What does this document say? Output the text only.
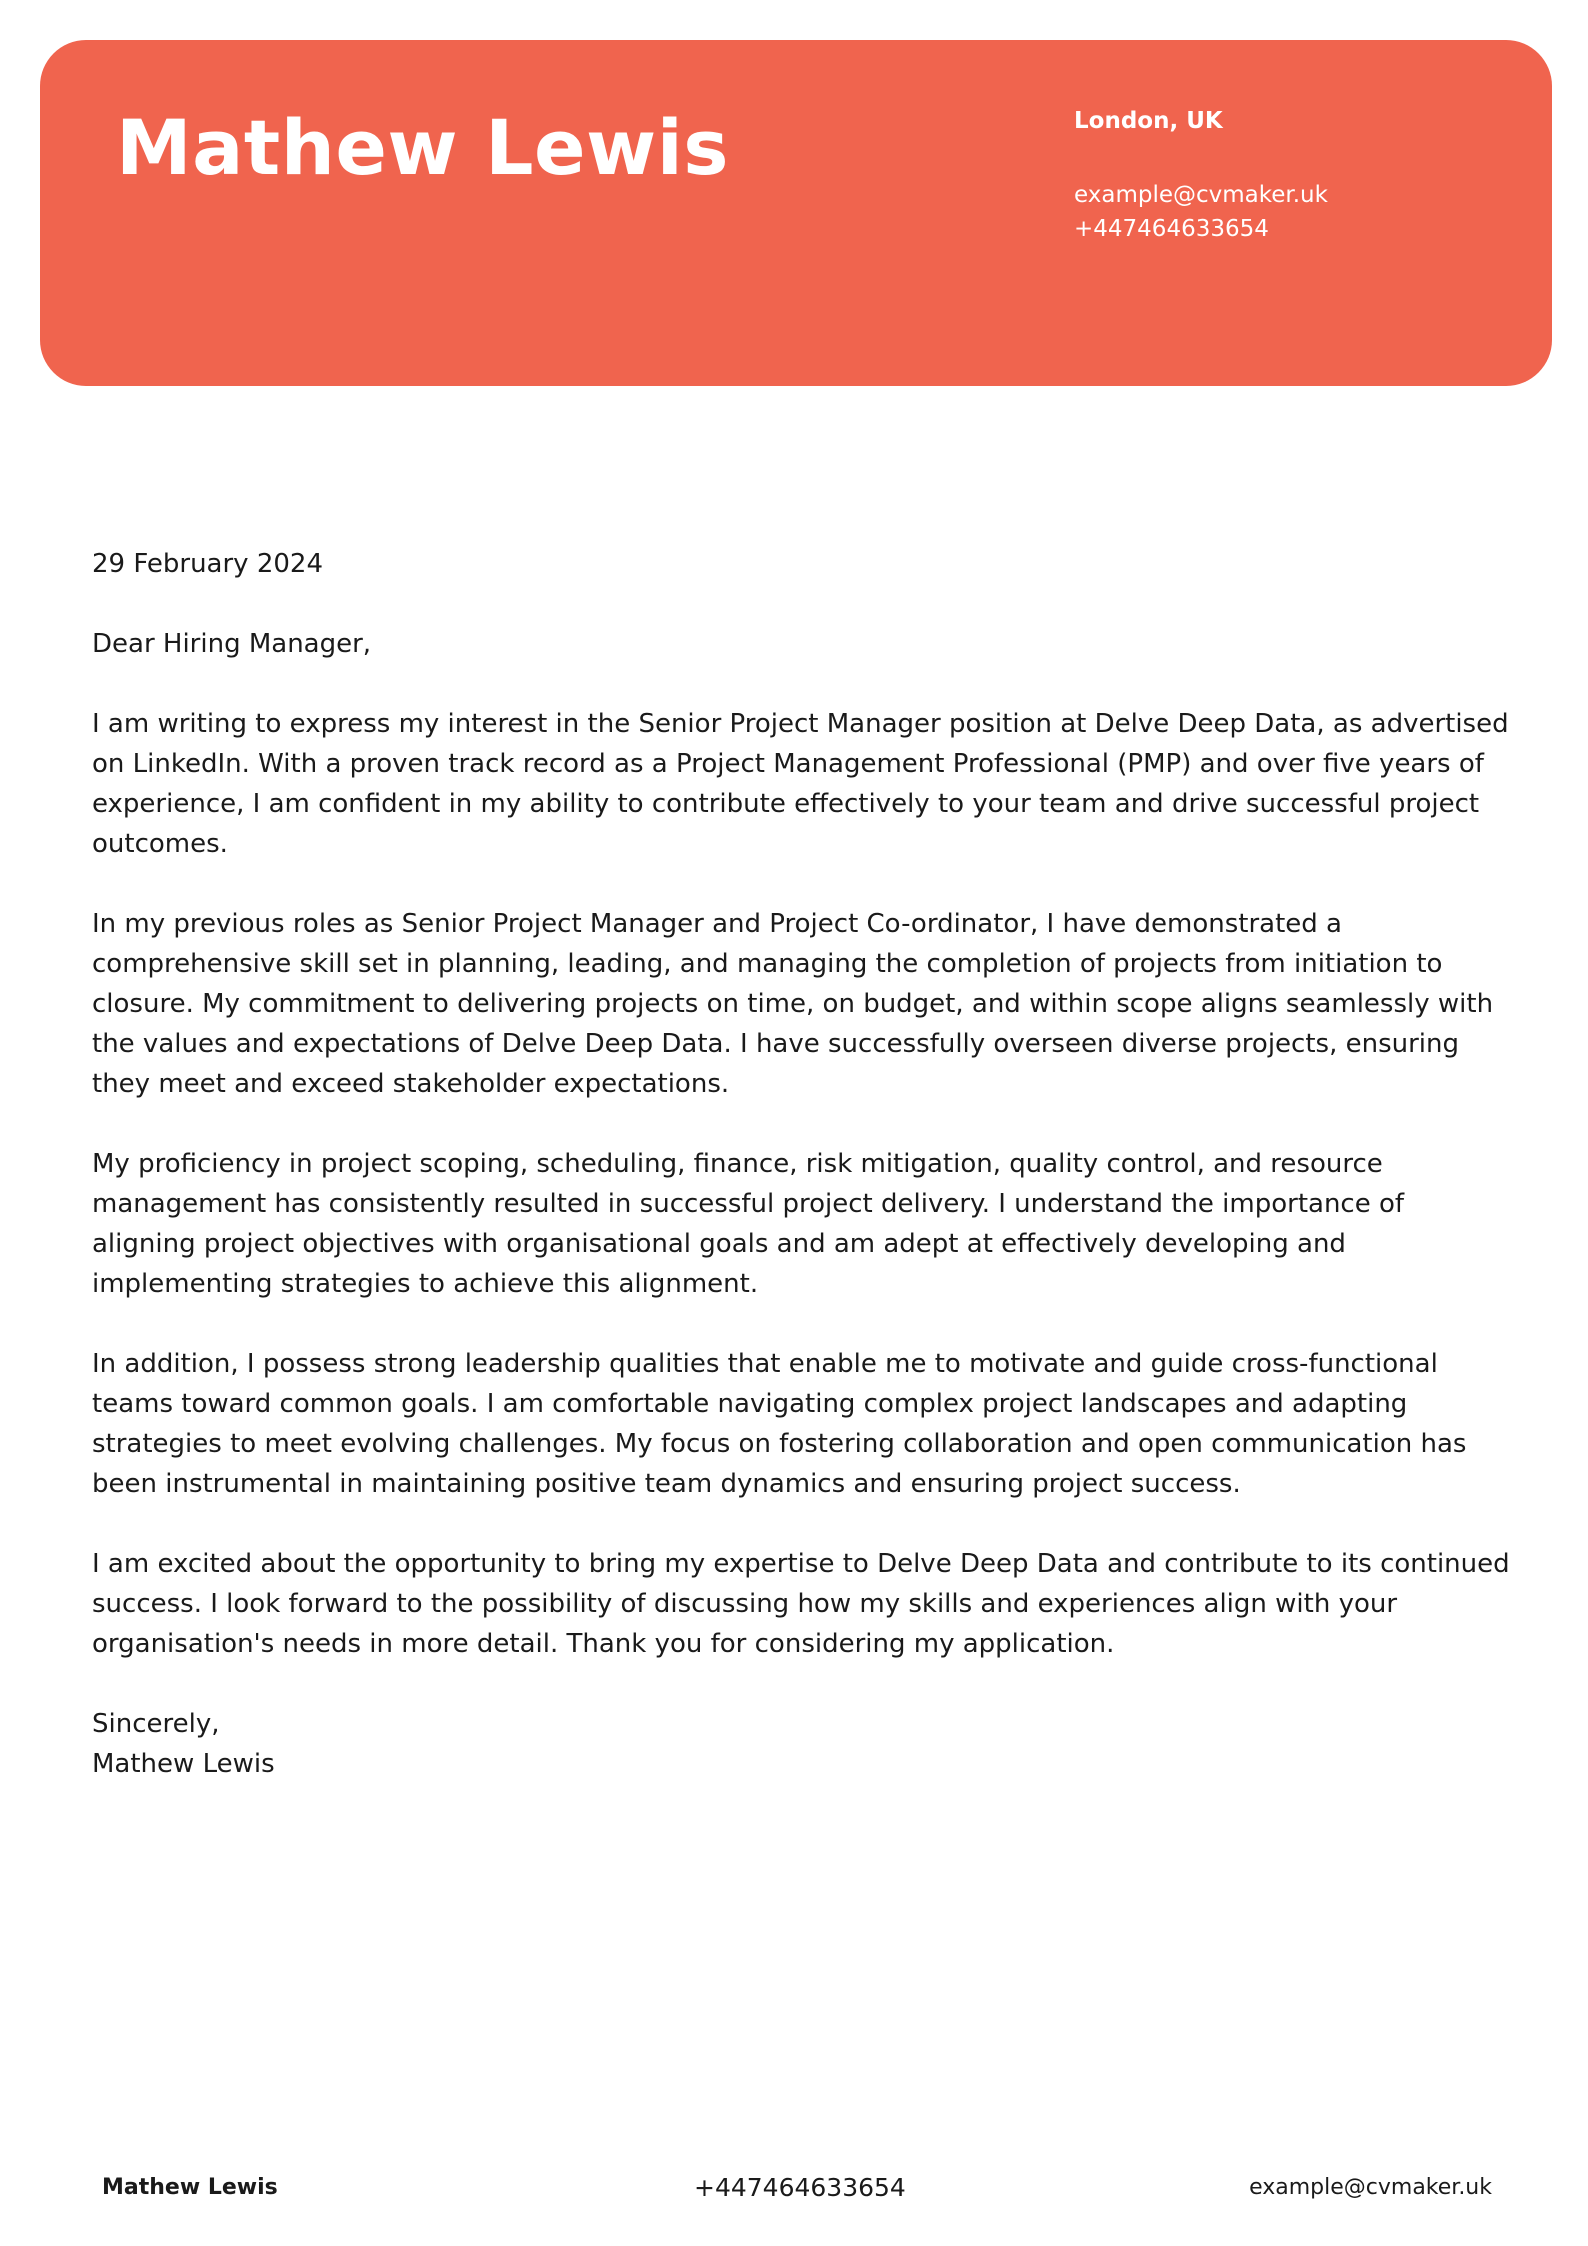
Mathew Lewis	London, UK
example@cvmaker.uk
+447464633654

29 February 2024

Dear Hiring Manager,

I am writing to express my interest in the Senior Project Manager position at Delve Deep Data, as advertised on LinkedIn. With a proven track record as a Project Management Professional (PMP) and over five years of experience, I am confident in my ability to contribute effectively to your team and drive successful project outcomes.

In my previous roles as Senior Project Manager and Project Co-ordinator, I have demonstrated a comprehensive skill set in planning, leading, and managing the completion of projects from initiation to closure. My commitment to delivering projects on time, on budget, and within scope aligns seamlessly with the values and expectations of Delve Deep Data. I have successfully overseen diverse projects, ensuring they meet and exceed stakeholder expectations.

My proficiency in project scoping, scheduling, finance, risk mitigation, quality control, and resource management has consistently resulted in successful project delivery. I understand the importance of aligning project objectives with organisational goals and am adept at effectively developing and implementing strategies to achieve this alignment.

In addition, I possess strong leadership qualities that enable me to motivate and guide cross-functional teams toward common goals. I am comfortable navigating complex project landscapes and adapting strategies to meet evolving challenges. My focus on fostering collaboration and open communication has been instrumental in maintaining positive team dynamics and ensuring project success.

I am excited about the opportunity to bring my expertise to Delve Deep Data and contribute to its continued success. I look forward to the possibility of discussing how my skills and experiences align with your organisation's needs in more detail. Thank you for considering my application.

Sincerely,

Mathew Lewis

Mathew Lewis	+447464633654	example@cvmaker.uk
